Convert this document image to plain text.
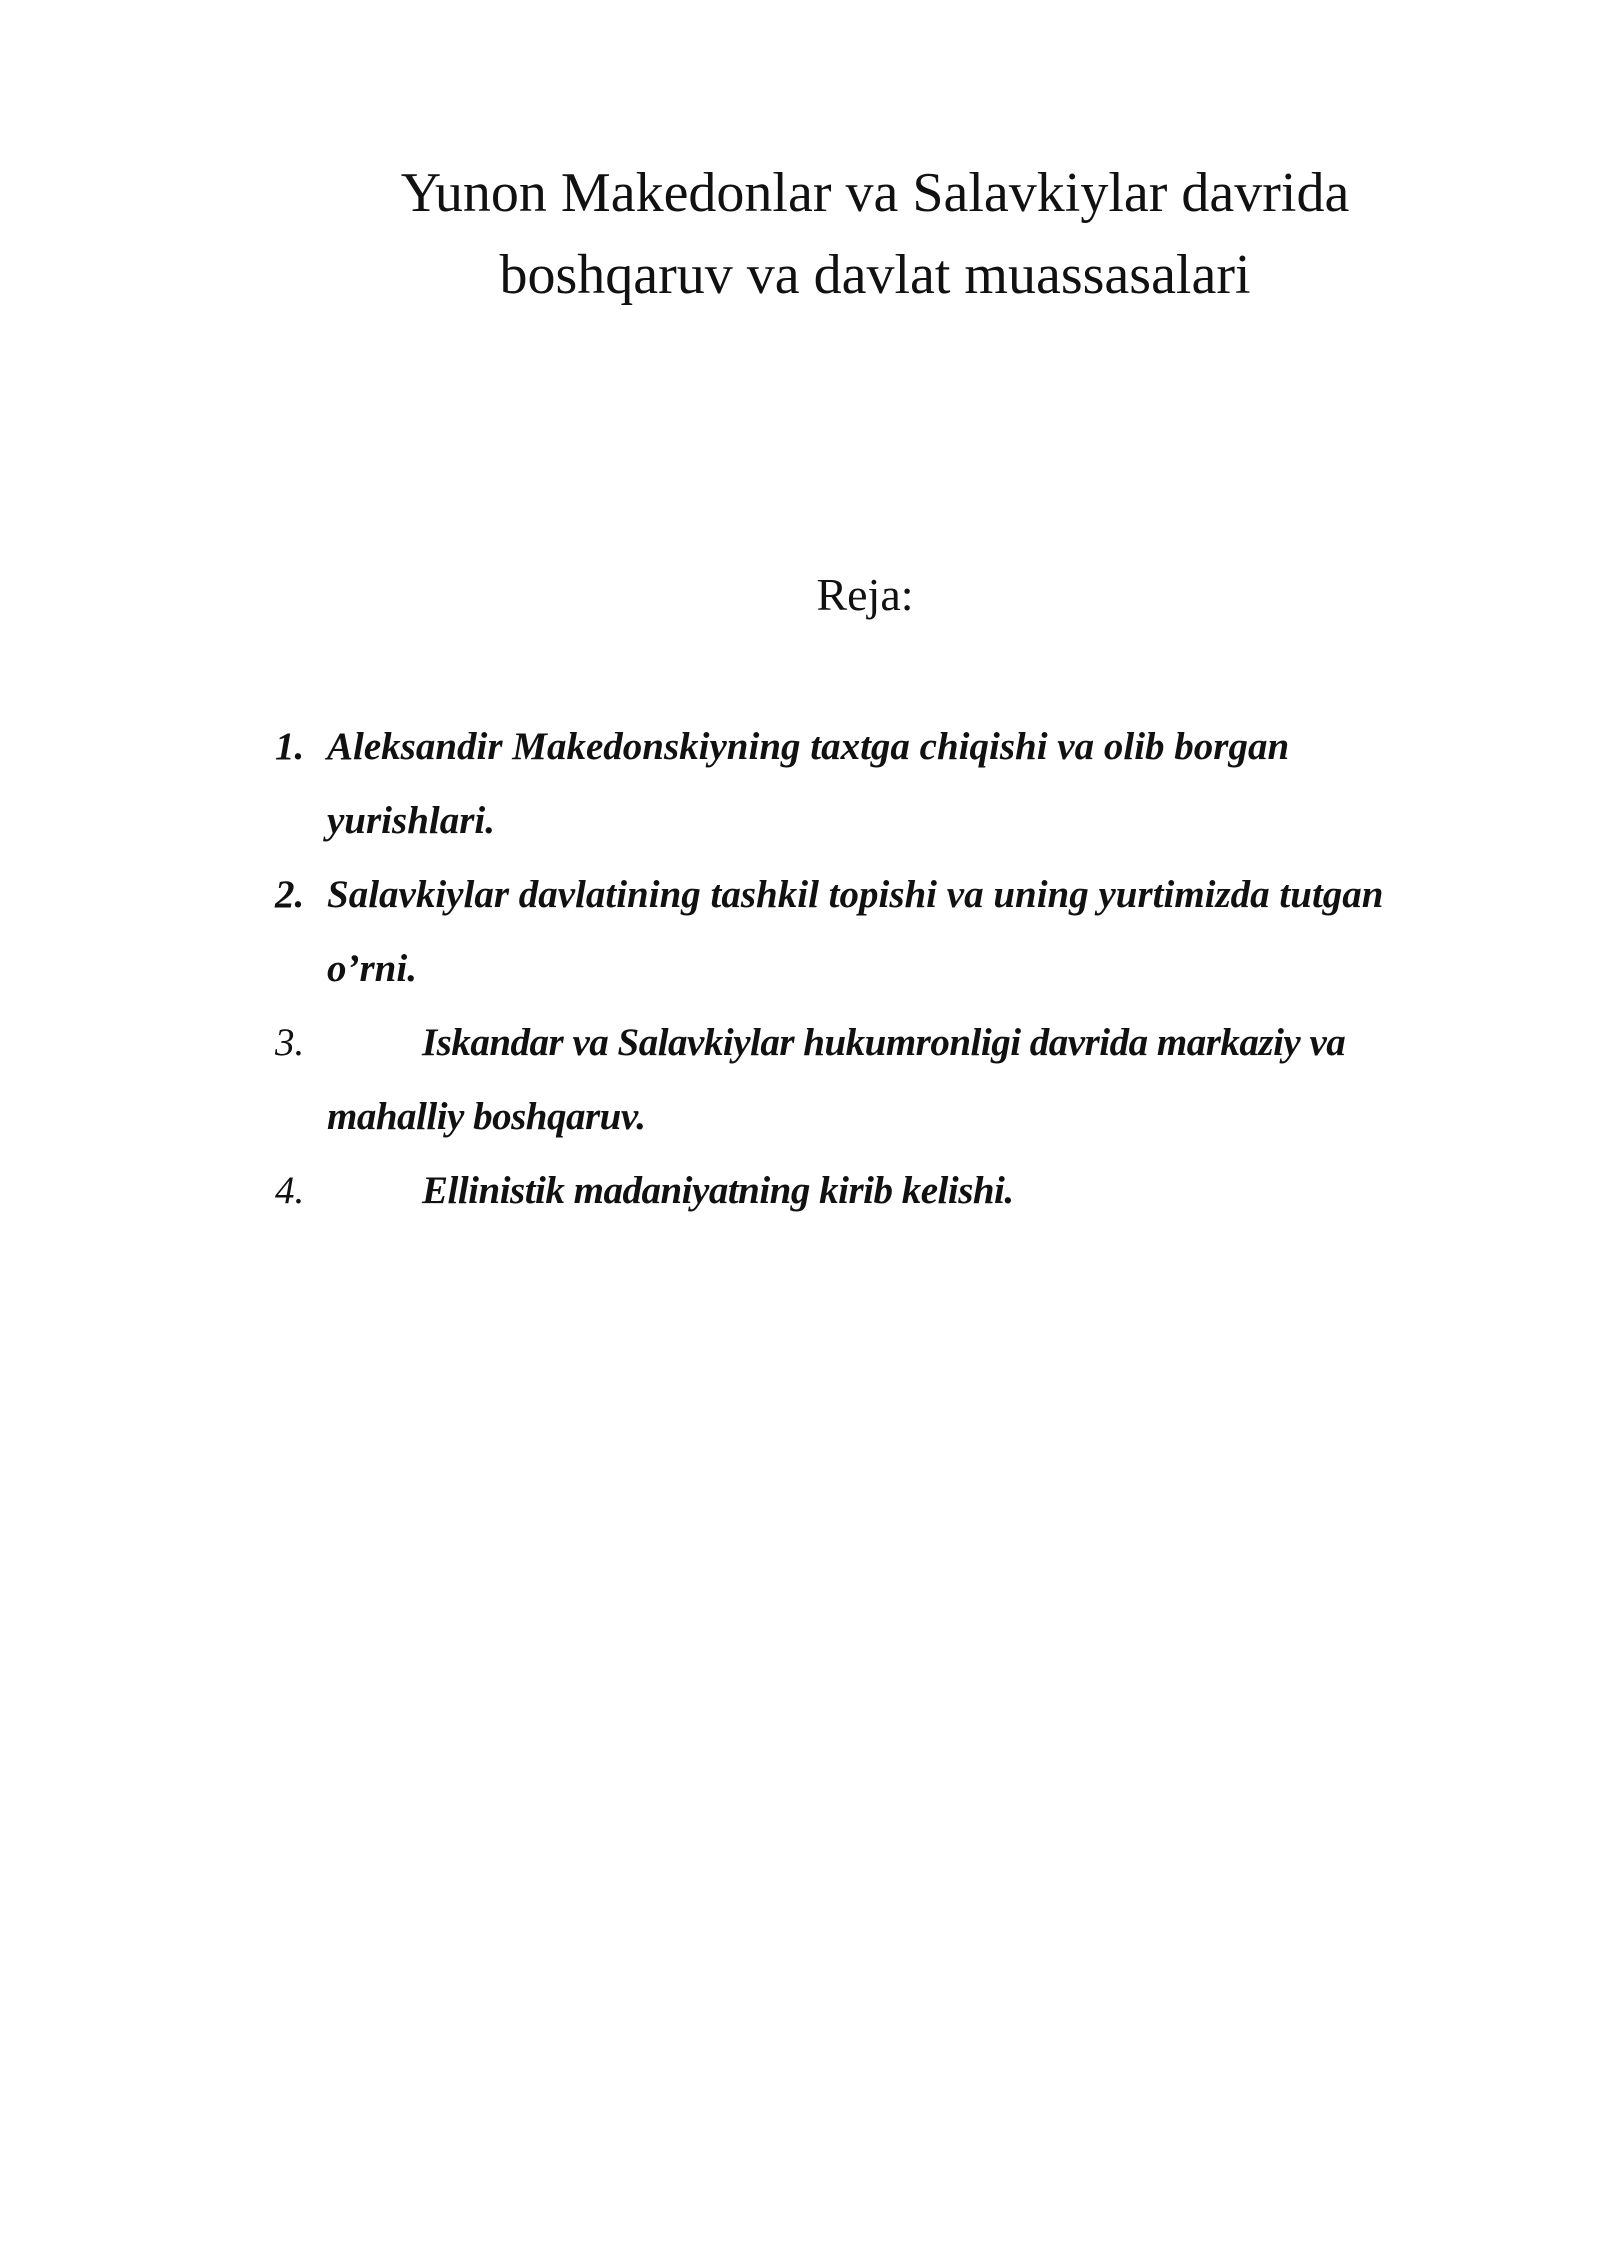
Yunon Makedonlar va Salavkiylar davrida
boshqaruv va davlat muassasalari
Reja:
1. Aleksandir Makedonskiyning taxtga chiqishi va olib borgan yurishlari.
2. Salavkiylar davlatining tashkil topishi va uning yurtimizda tutgan o’rni.
3.	Iskandar va Salavkiylar hukumronligi davrida markaziy va mahalliy boshqaruv.
4.	Ellinistik madaniyatning kirib kelishi.
